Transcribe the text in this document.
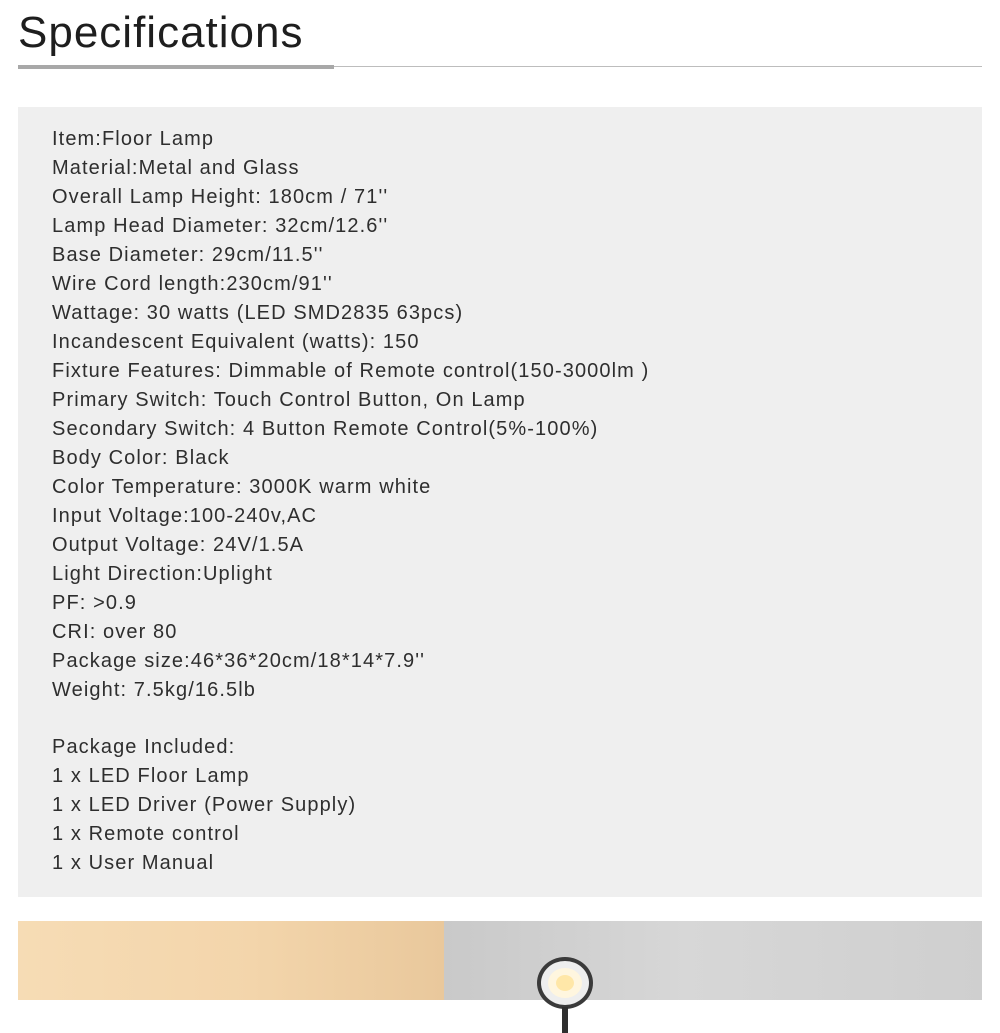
Specifications
Item:Floor Lamp
Material:Metal and Glass
Overall Lamp Height: 180cm / 71''
Lamp Head Diameter: 32cm/12.6''
Base Diameter: 29cm/11.5''
Wire Cord length:230cm/91''
Wattage: 30 watts (LED SMD2835 63pcs)
Incandescent Equivalent (watts): 150
Fixture Features: Dimmable of Remote control(150-3000lm )
Primary Switch: Touch Control Button, On Lamp
Secondary Switch: 4 Button Remote Control(5%-100%)
Body Color: Black
Color Temperature: 3000K warm white
Input Voltage:100-240v,AC
Output Voltage: 24V/1.5A
Light Direction:Uplight
PF: >0.9
CRI: over 80
Package size:46*36*20cm/18*14*7.9''
Weight: 7.5kg/16.5lb
Package Included:
1 x LED Floor Lamp
1 x LED Driver (Power Supply)
1 x Remote control
1 x User Manual
